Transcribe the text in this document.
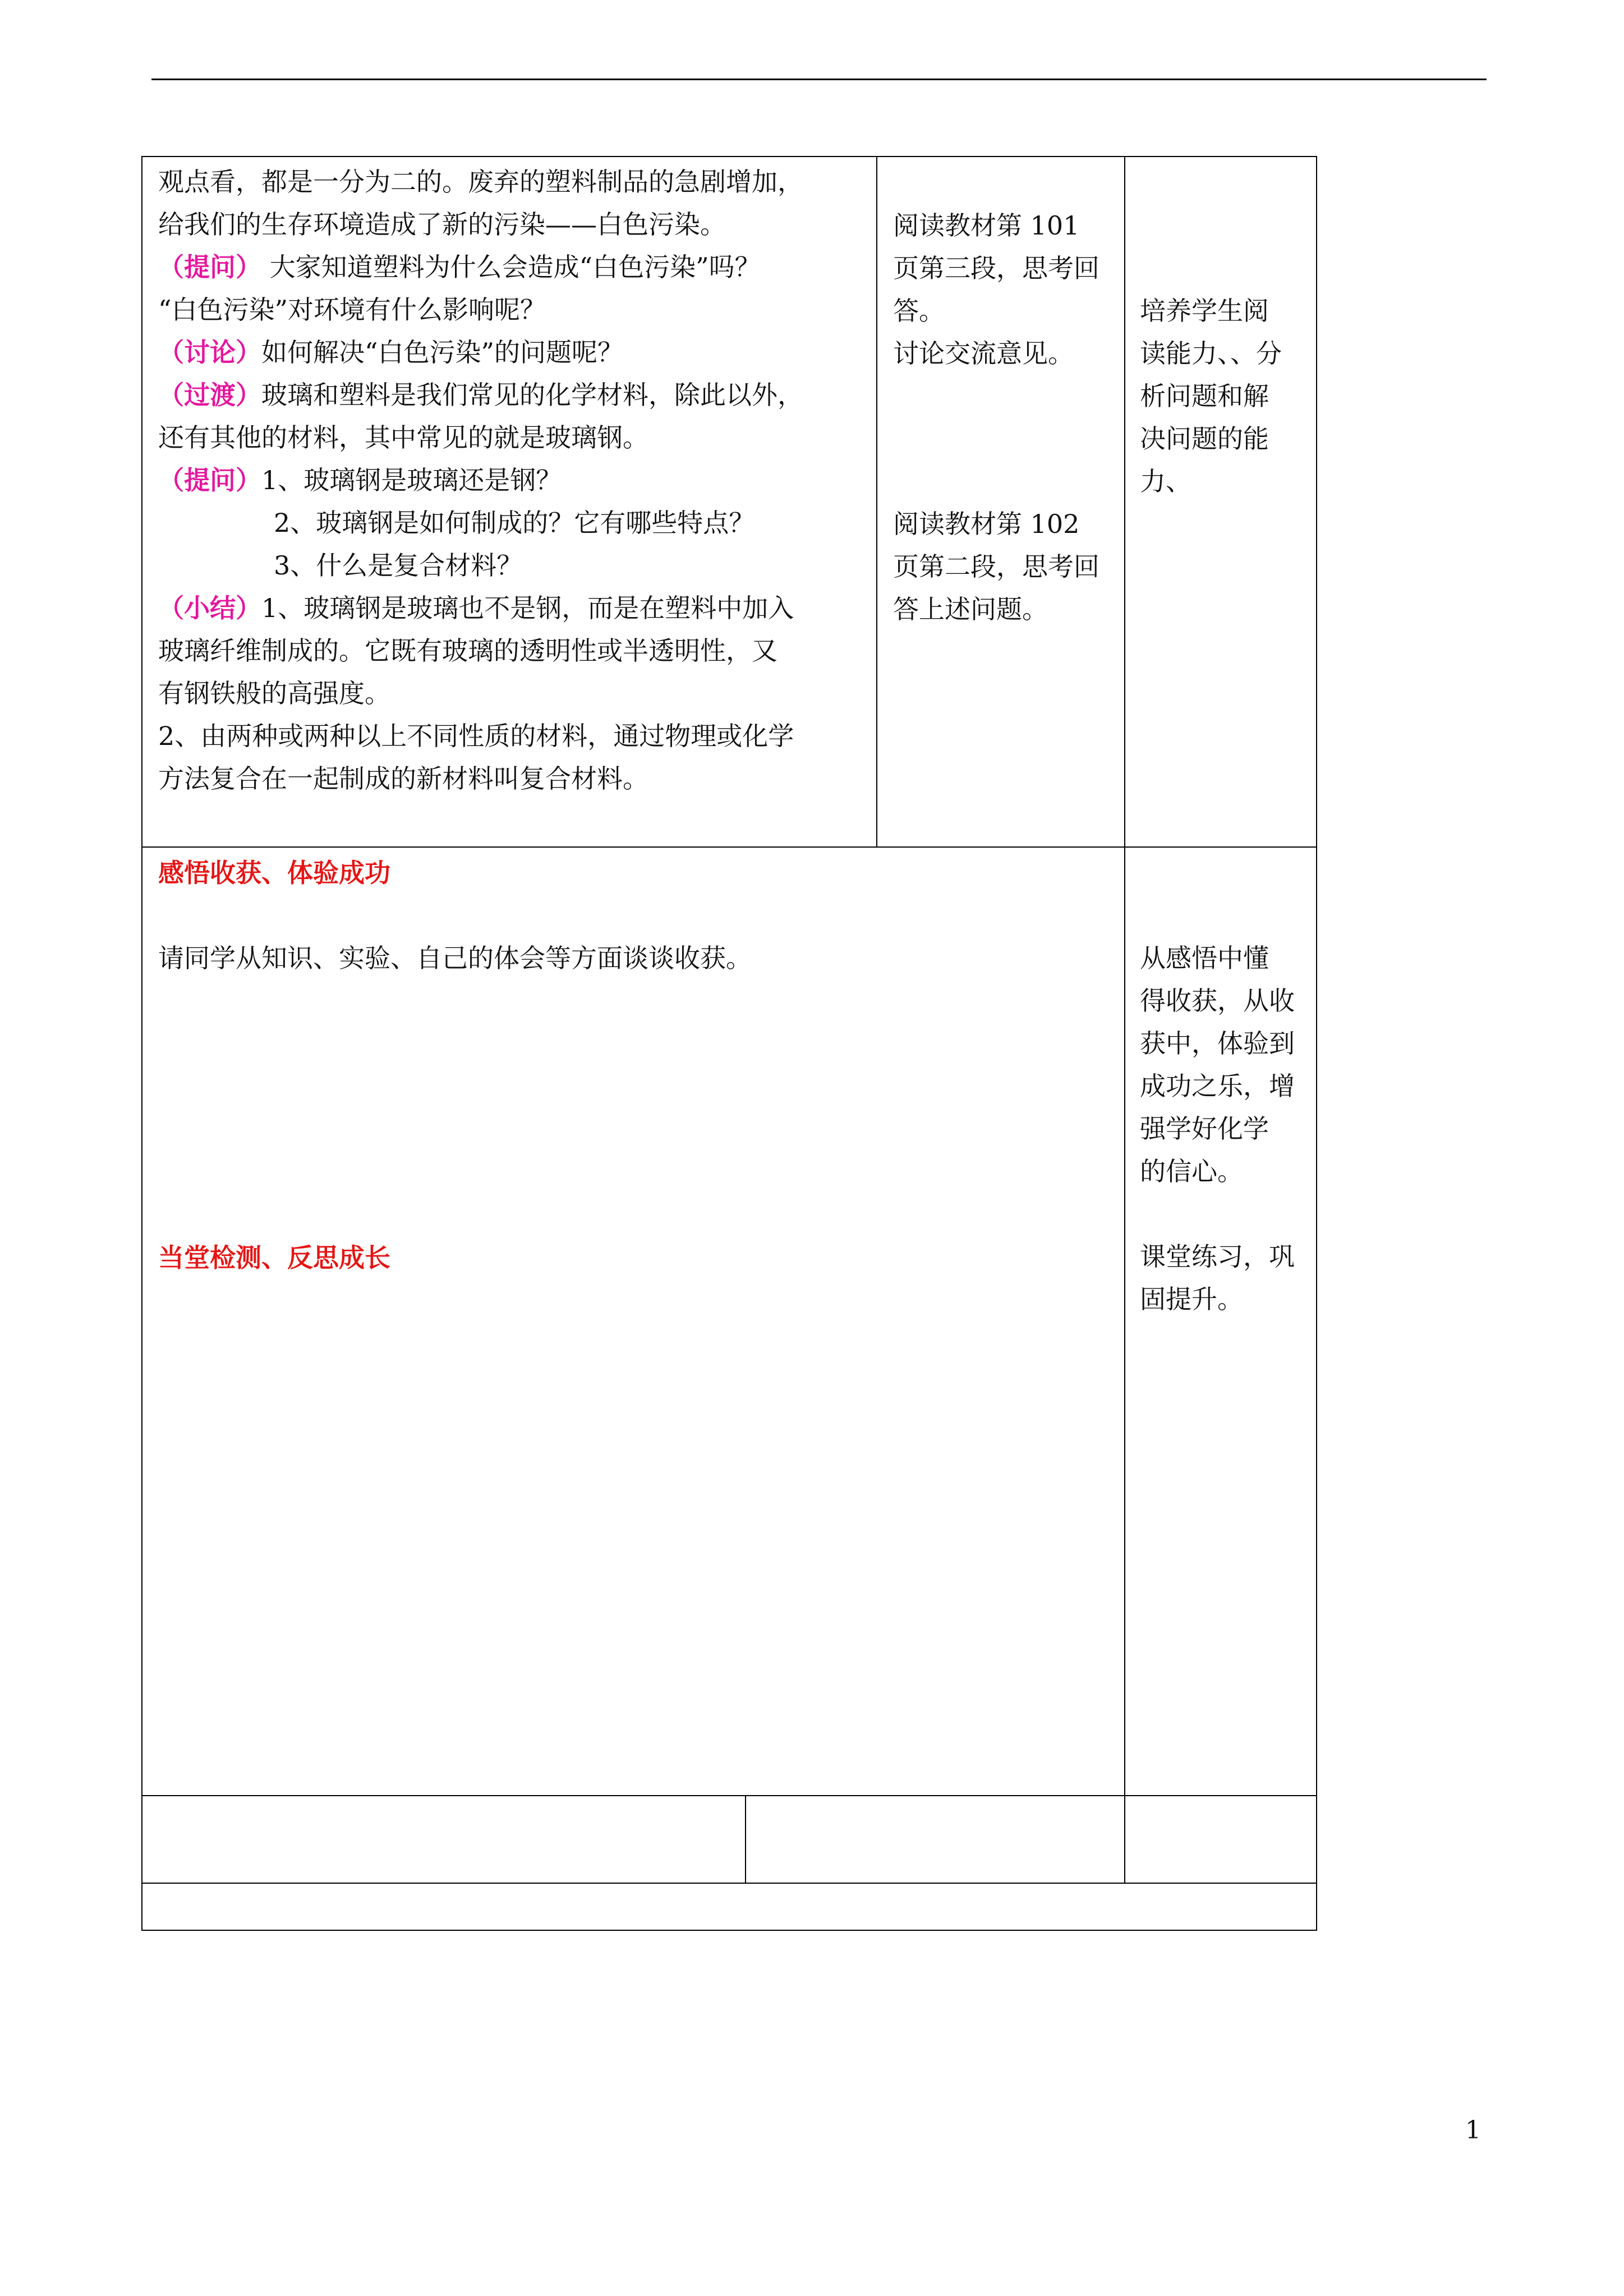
观点看，都是一分为二的。废弃的塑料制品的急剧增加，
给我们的生存环境造成了新的污染——白色污染。
（提问） 大家知道塑料为什么会造成“白色污染”吗？
“白色污染”对环境有什么影响呢？
（讨论）如何解决“白色污染”的问题呢？
（过渡）玻璃和塑料是我们常见的化学材料，除此以外，
还有其他的材料，其中常见的就是玻璃钢。
（提问）1、玻璃钢是玻璃还是钢？
2、玻璃钢是如何制成的？它有哪些特点？
3、什么是复合材料？
（小结）1、玻璃钢是玻璃也不是钢，而是在塑料中加入
玻璃纤维制成的。它既有玻璃的透明性或半透明性，又
有钢铁般的高强度。
2、由两种或两种以上不同性质的材料，通过物理或化学
方法复合在一起制成的新材料叫复合材料。
阅读教材第 101
页第三段，思考回
答。
讨论交流意见。
阅读教材第 102
页第二段，思考回
答上述问题。
培养学生阅
读能力、、分
析问题和解
决问题的能
力、
感悟收获、体验成功
请同学从知识、实验、自己的体会等方面谈谈收获。
当堂检测、反思成长
从感悟中懂
得收获，从收
获中，体验到
成功之乐，增
强学好化学
的信心。
课堂练习，巩
固提升。
1
